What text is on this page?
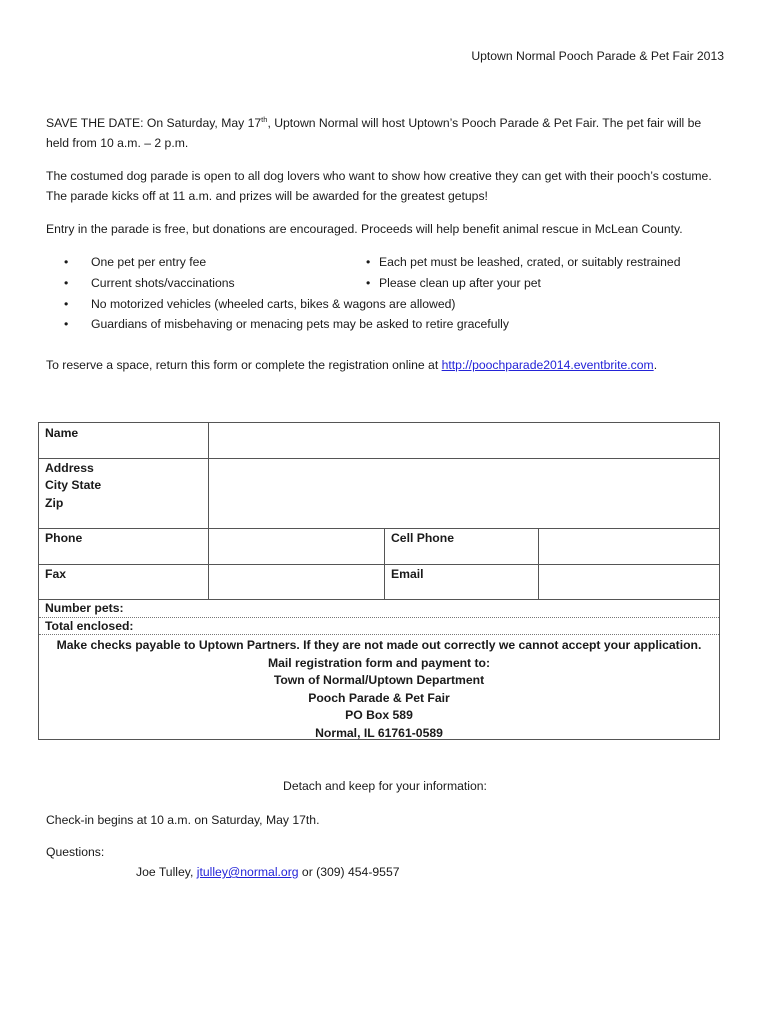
Uptown Normal Pooch Parade & Pet Fair 2013
SAVE THE DATE: On Saturday, May 17th, Uptown Normal will host Uptown’s Pooch Parade & Pet Fair. The pet fair will be held from 10 a.m. – 2 p.m.
The costumed dog parade is open to all dog lovers who want to show how creative they can get with their pooch’s costume. The parade kicks off at 11 a.m. and prizes will be awarded for the greatest getups!
Entry in the parade is free, but donations are encouraged. Proceeds will help benefit animal rescue in McLean County.
• One pet per entry fee	• Each pet must be leashed, crated, or suitably restrained
• Current shots/vaccinations	• Please clean up after your pet
• No motorized vehicles (wheeled carts, bikes & wagons are allowed)
• Guardians of misbehaving or menacing pets may be asked to retire gracefully
To reserve a space, return this form or complete the registration online at http://poochparade2014.eventbrite.com.
Name
Address
City State
Zip
Phone	Cell Phone
Fax	Email
Number pets:
Total enclosed:
Make checks payable to Uptown Partners. If they are not made out correctly we cannot accept your application.
Mail registration form and payment to:
Town of Normal/Uptown Department
Pooch Parade & Pet Fair
PO Box 589
Normal, IL 61761-0589
Detach and keep for your information:
Check-in begins at 10 a.m. on Saturday, May 17th.
Questions:
Joe Tulley, jtulley@normal.org or (309) 454-9557
